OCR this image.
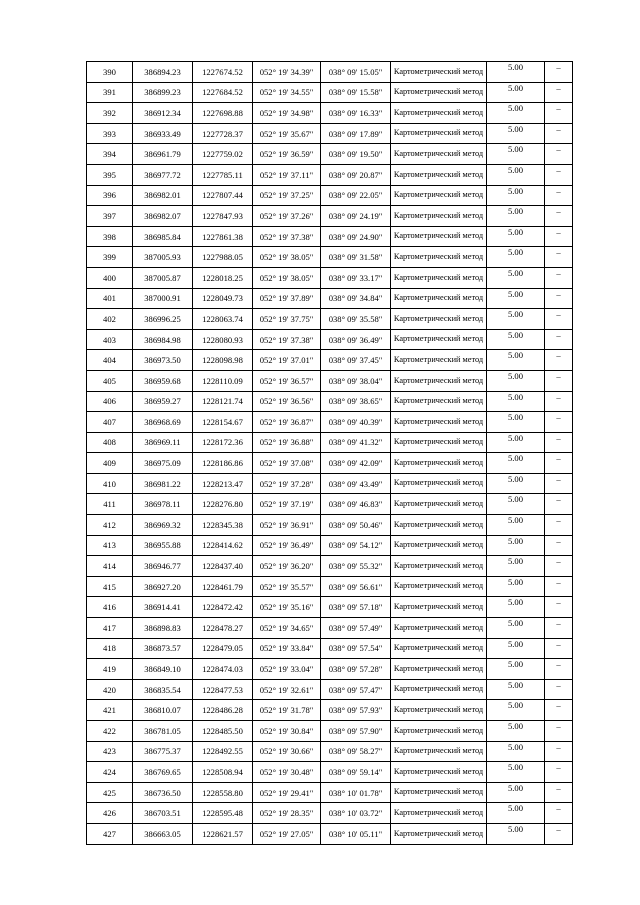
390	386894.23	1227674.52	052° 19' 34.39"	038° 09' 15.05"	Картометрический метод	5.00	–
391	386899.23	1227684.52	052° 19' 34.55"	038° 09' 15.58"	Картометрический метод	5.00	–
392	386912.34	1227698.88	052° 19' 34.98"	038° 09' 16.33"	Картометрический метод	5.00	–
393	386933.49	1227728.37	052° 19' 35.67"	038° 09' 17.89"	Картометрический метод	5.00	–
394	386961.79	1227759.02	052° 19' 36.59"	038° 09' 19.50"	Картометрический метод	5.00	–
395	386977.72	1227785.11	052° 19' 37.11"	038° 09' 20.87"	Картометрический метод	5.00	–
396	386982.01	1227807.44	052° 19' 37.25"	038° 09' 22.05"	Картометрический метод	5.00	–
397	386982.07	1227847.93	052° 19' 37.26"	038° 09' 24.19"	Картометрический метод	5.00	–
398	386985.84	1227861.38	052° 19' 37.38"	038° 09' 24.90"	Картометрический метод	5.00	–
399	387005.93	1227988.05	052° 19' 38.05"	038° 09' 31.58"	Картометрический метод	5.00	–
400	387005.87	1228018.25	052° 19' 38.05"	038° 09' 33.17"	Картометрический метод	5.00	–
401	387000.91	1228049.73	052° 19' 37.89"	038° 09' 34.84"	Картометрический метод	5.00	–
402	386996.25	1228063.74	052° 19' 37.75"	038° 09' 35.58"	Картометрический метод	5.00	–
403	386984.98	1228080.93	052° 19' 37.38"	038° 09' 36.49"	Картометрический метод	5.00	–
404	386973.50	1228098.98	052° 19' 37.01"	038° 09' 37.45"	Картометрический метод	5.00	–
405	386959.68	1228110.09	052° 19' 36.57"	038° 09' 38.04"	Картометрический метод	5.00	–
406	386959.27	1228121.74	052° 19' 36.56"	038° 09' 38.65"	Картометрический метод	5.00	–
407	386968.69	1228154.67	052° 19' 36.87"	038° 09' 40.39"	Картометрический метод	5.00	–
408	386969.11	1228172.36	052° 19' 36.88"	038° 09' 41.32"	Картометрический метод	5.00	–
409	386975.09	1228186.86	052° 19' 37.08"	038° 09' 42.09"	Картометрический метод	5.00	–
410	386981.22	1228213.47	052° 19' 37.28"	038° 09' 43.49"	Картометрический метод	5.00	–
411	386978.11	1228276.80	052° 19' 37.19"	038° 09' 46.83"	Картометрический метод	5.00	–
412	386969.32	1228345.38	052° 19' 36.91"	038° 09' 50.46"	Картометрический метод	5.00	–
413	386955.88	1228414.62	052° 19' 36.49"	038° 09' 54.12"	Картометрический метод	5.00	–
414	386946.77	1228437.40	052° 19' 36.20"	038° 09' 55.32"	Картометрический метод	5.00	–
415	386927.20	1228461.79	052° 19' 35.57"	038° 09' 56.61"	Картометрический метод	5.00	–
416	386914.41	1228472.42	052° 19' 35.16"	038° 09' 57.18"	Картометрический метод	5.00	–
417	386898.83	1228478.27	052° 19' 34.65"	038° 09' 57.49"	Картометрический метод	5.00	–
418	386873.57	1228479.05	052° 19' 33.84"	038° 09' 57.54"	Картометрический метод	5.00	–
419	386849.10	1228474.03	052° 19' 33.04"	038° 09' 57.28"	Картометрический метод	5.00	–
420	386835.54	1228477.53	052° 19' 32.61"	038° 09' 57.47"	Картометрический метод	5.00	–
421	386810.07	1228486.28	052° 19' 31.78"	038° 09' 57.93"	Картометрический метод	5.00	–
422	386781.05	1228485.50	052° 19' 30.84"	038° 09' 57.90"	Картометрический метод	5.00	–
423	386775.37	1228492.55	052° 19' 30.66"	038° 09' 58.27"	Картометрический метод	5.00	–
424	386769.65	1228508.94	052° 19' 30.48"	038° 09' 59.14"	Картометрический метод	5.00	–
425	386736.50	1228558.80	052° 19' 29.41"	038° 10' 01.78"	Картометрический метод	5.00	–
426	386703.51	1228595.48	052° 19' 28.35"	038° 10' 03.72"	Картометрический метод	5.00	–
427	386663.05	1228621.57	052° 19' 27.05"	038° 10' 05.11"	Картометрический метод	5.00	–
